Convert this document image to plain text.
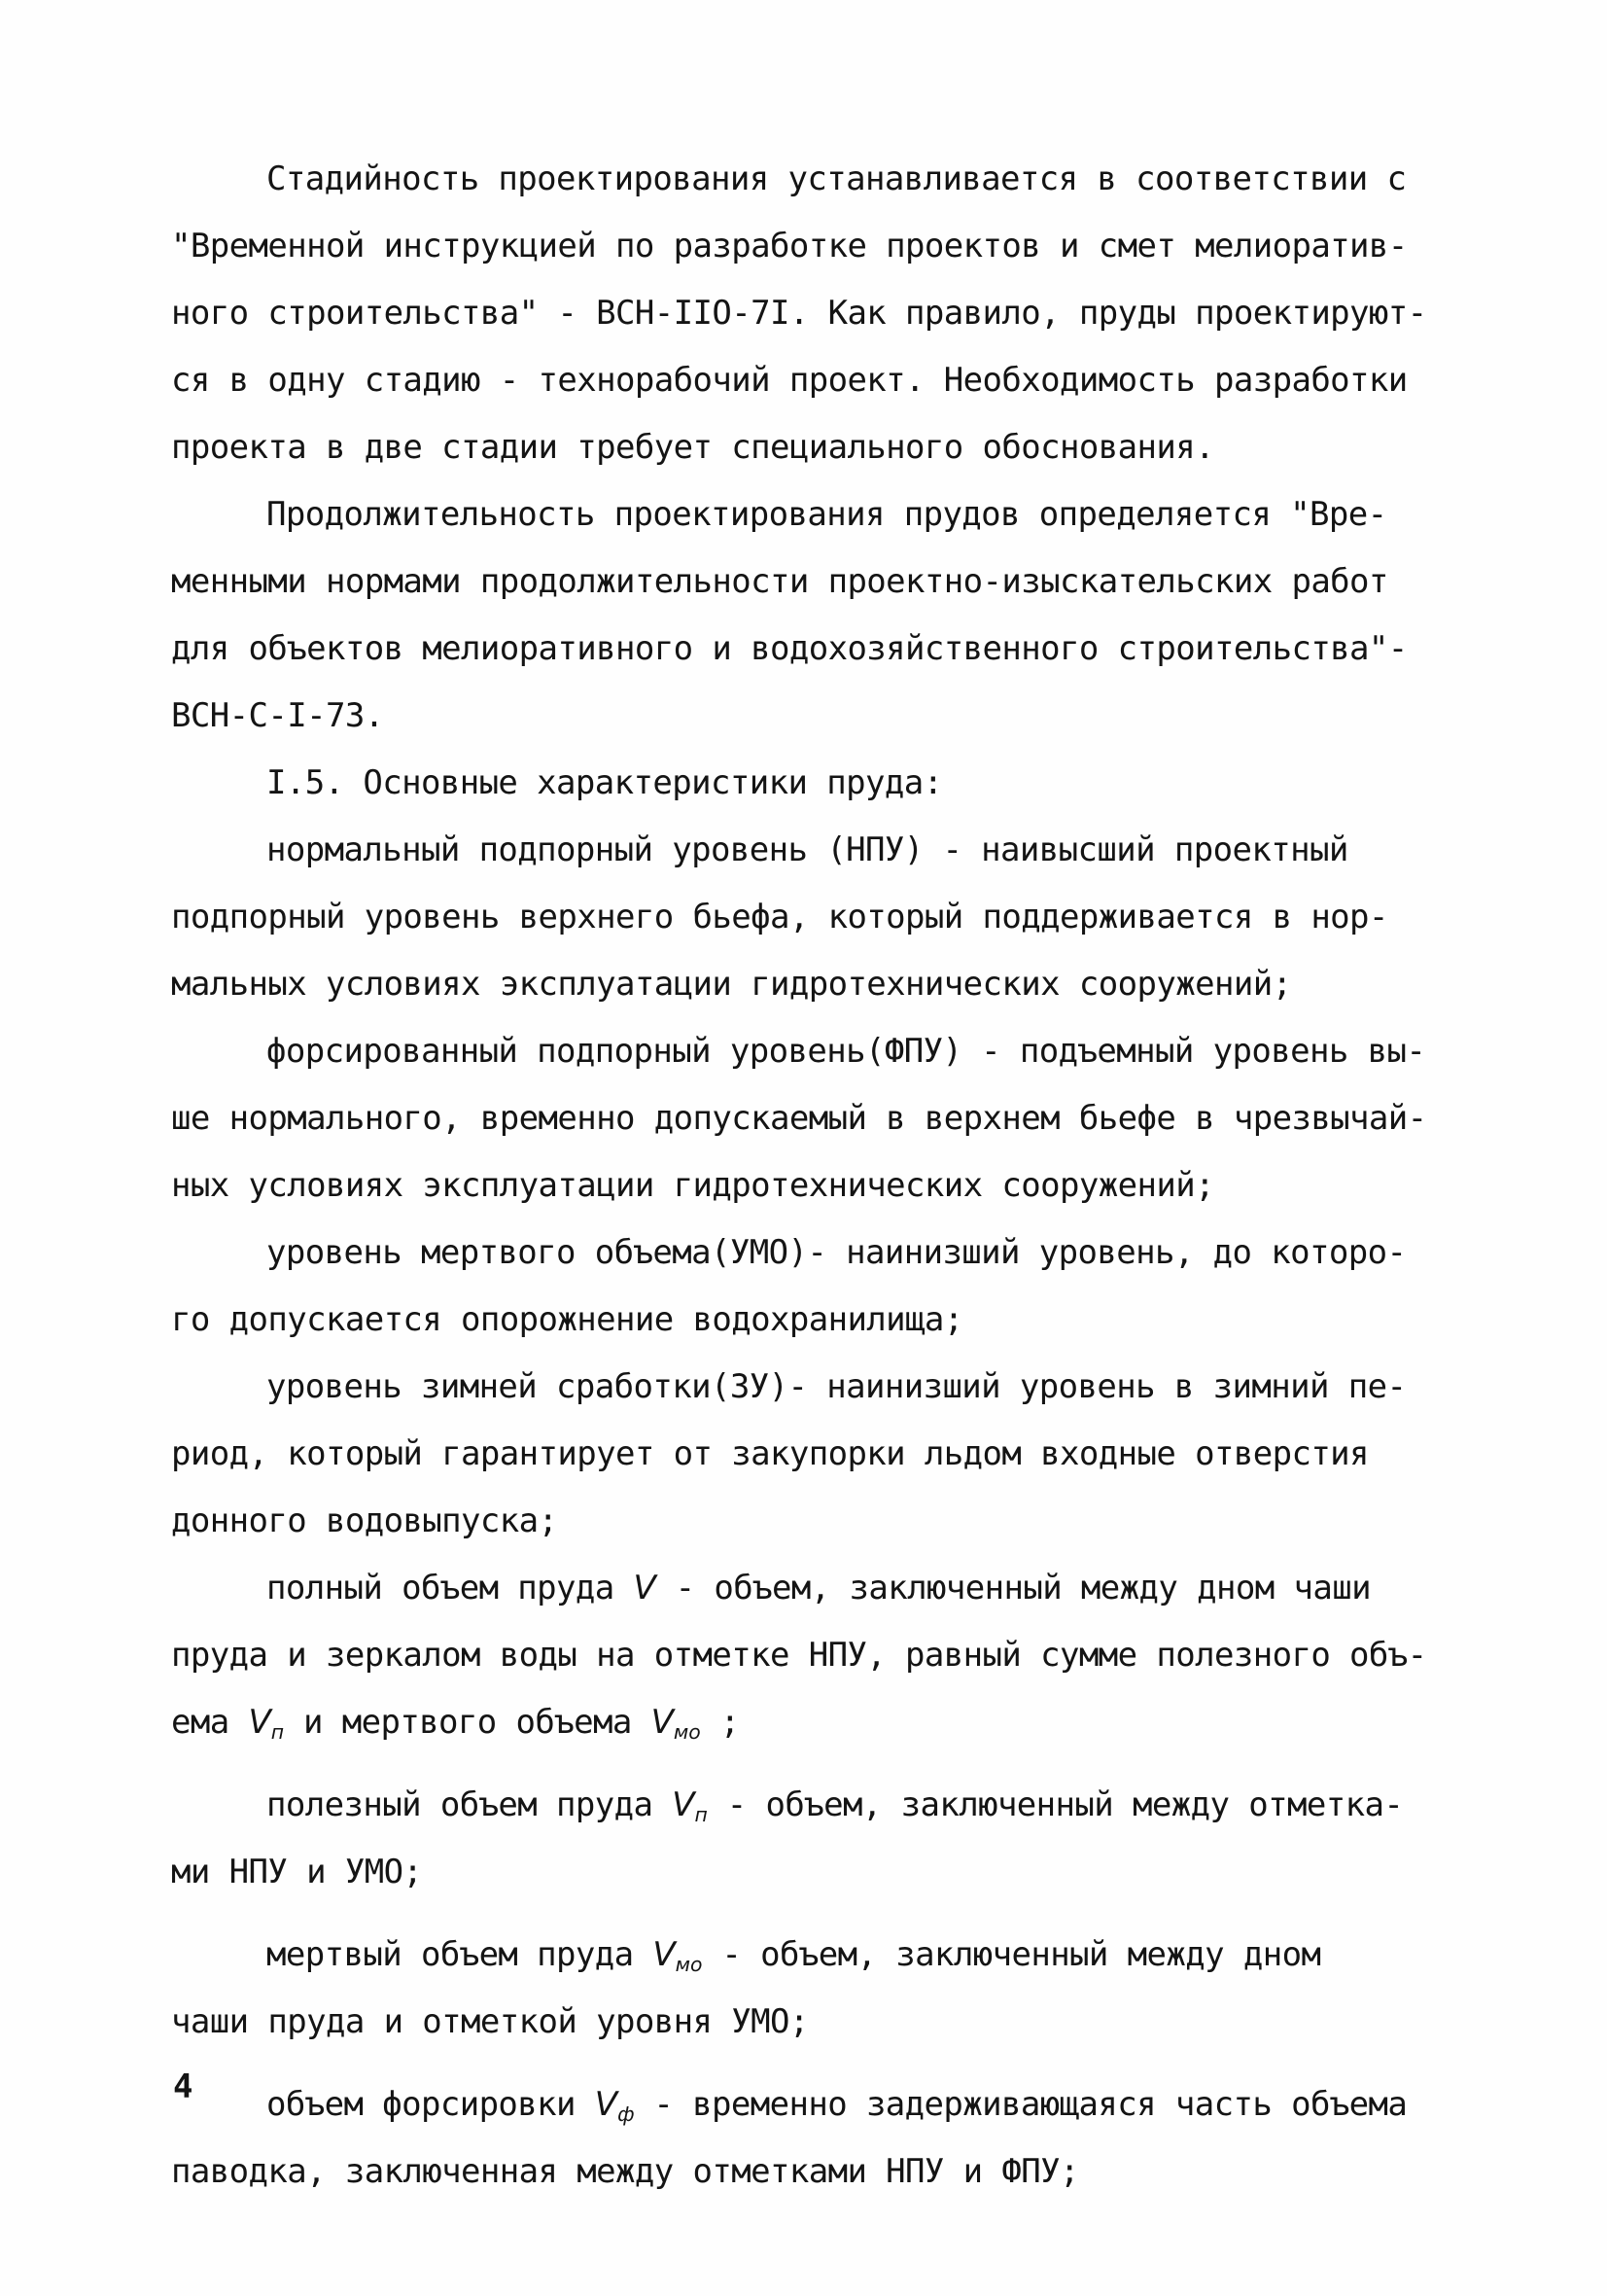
Стадийность проектирования устанавливается в соответствии с
"Временной инструкцией по разработке проектов и смет мелиоратив-
ного строительства" - ВСН-IIO-7I. Как правило, пруды проектируют-
ся в одну стадию - технорабочий проект. Необходимость разработки
проекта в две стадии требует специального обоснования.
Продолжительность проектирования прудов определяется "Вре-
менными нормами продолжительности проектно-изыскательских работ
для объектов мелиоративного и водохозяйственного строительства"-
ВСН-С-I-73.
I.5. Основные характеристики пруда:
нормальный подпорный уровень (НПУ) - наивысший проектный
подпорный уровень верхнего бьефа, который поддерживается в нор-
мальных условиях эксплуатации гидротехнических сооружений;
форсированный подпорный уровень(ФПУ) - подъемный уровень вы-
ше нормального, временно допускаемый в верхнем бьефе в чрезвычай-
ных условиях эксплуатации гидротехнических сооружений;
уровень мертвого объема(УМО)- наинизший уровень, до которо-
го допускается опорожнение водохранилища;
уровень зимней сработки(ЗУ)- наинизший уровень в зимний пе-
риод, который гарантирует от закупорки льдом входные отверстия
донного водовыпуска;
полный объем пруда V - объем, заключенный между дном чаши
пруда и зеркалом воды на отметке НПУ, равный сумме полезного объ-
ема $V_п$ и мертвого объема $V_{мо}$ ;
полезный объем пруда $V_п$ - объем, заключенный между отметка-
ми НПУ и УМО;
мертвый объем пруда $V_{мо}$ - объем, заключенный между дном
чаши пруда и отметкой уровня УМО;
объем форсировки $V_ф$ - временно задерживающаяся часть объема
паводка, заключенная между отметками НПУ и ФПУ;
4
